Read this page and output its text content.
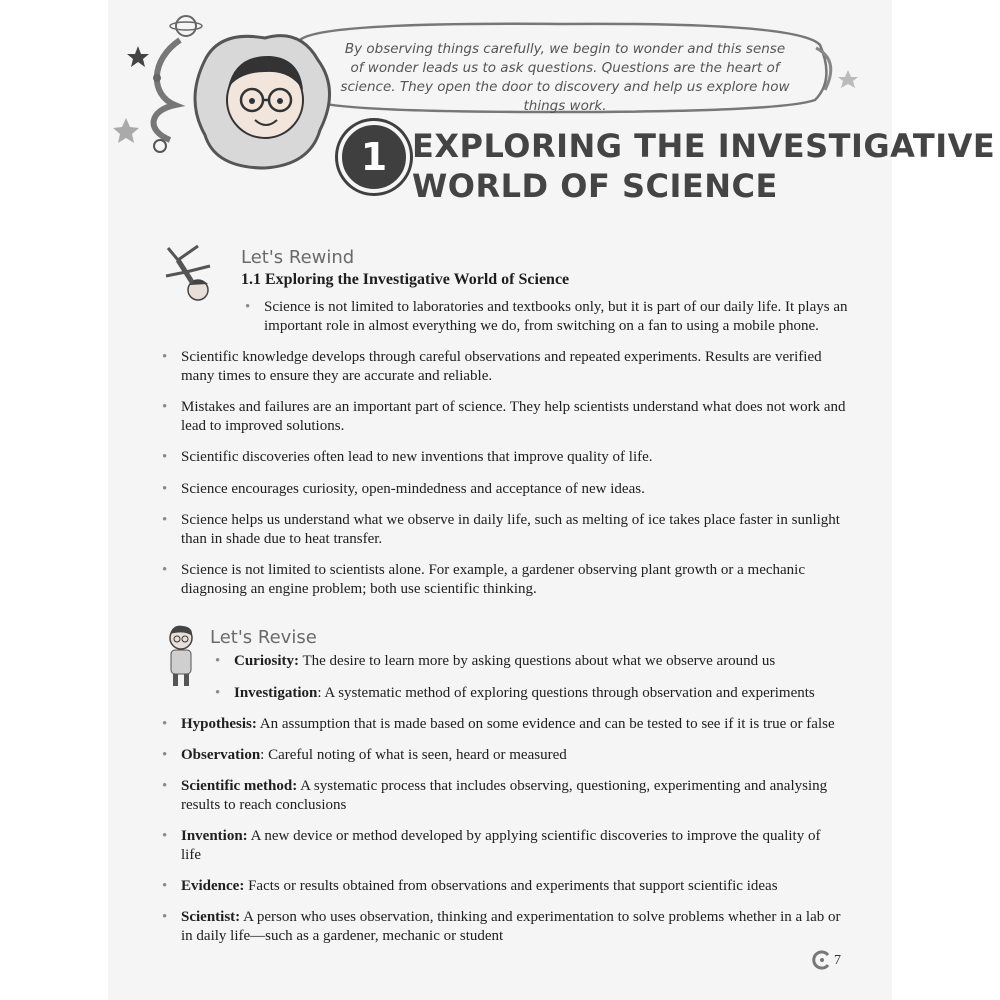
By observing things carefully, we begin to wonder and this sense of wonder leads us to ask questions. Questions are the heart of science. They open the door to discovery and help us explore how things work.
1 EXPLORING THE INVESTIGATIVE
WORLD OF SCIENCE
Let's Rewind
1.1 Exploring the Investigative World of Science
• Science is not limited to laboratories and textbooks only, but it is part of our daily life. It plays an important role in almost everything we do, from switching on a fan to using a mobile phone.
• Scientific knowledge develops through careful observations and repeated experiments. Results are verified many times to ensure they are accurate and reliable.
• Mistakes and failures are an important part of science. They help scientists understand what does not work and lead to improved solutions.
• Scientific discoveries often lead to new inventions that improve quality of life.
• Science encourages curiosity, open-mindedness and acceptance of new ideas.
• Science helps us understand what we observe in daily life, such as melting of ice takes place faster in sunlight than in shade due to heat transfer.
• Science is not limited to scientists alone. For example, a gardener observing plant growth or a mechanic diagnosing an engine problem; both use scientific thinking.
Let's Revise
• Curiosity: The desire to learn more by asking questions about what we observe around us
• Investigation: A systematic method of exploring questions through observation and experiments
• Hypothesis: An assumption that is made based on some evidence and can be tested to see if it is true or false
• Observation: Careful noting of what is seen, heard or measured
• Scientific method: A systematic process that includes observing, questioning, experimenting and analysing results to reach conclusions
• Invention: A new device or method developed by applying scientific discoveries to improve the quality of life
• Evidence: Facts or results obtained from observations and experiments that support scientific ideas
• Scientist: A person who uses observation, thinking and experimentation to solve problems whether in a lab or in daily life—such as a gardener, mechanic or student
7
